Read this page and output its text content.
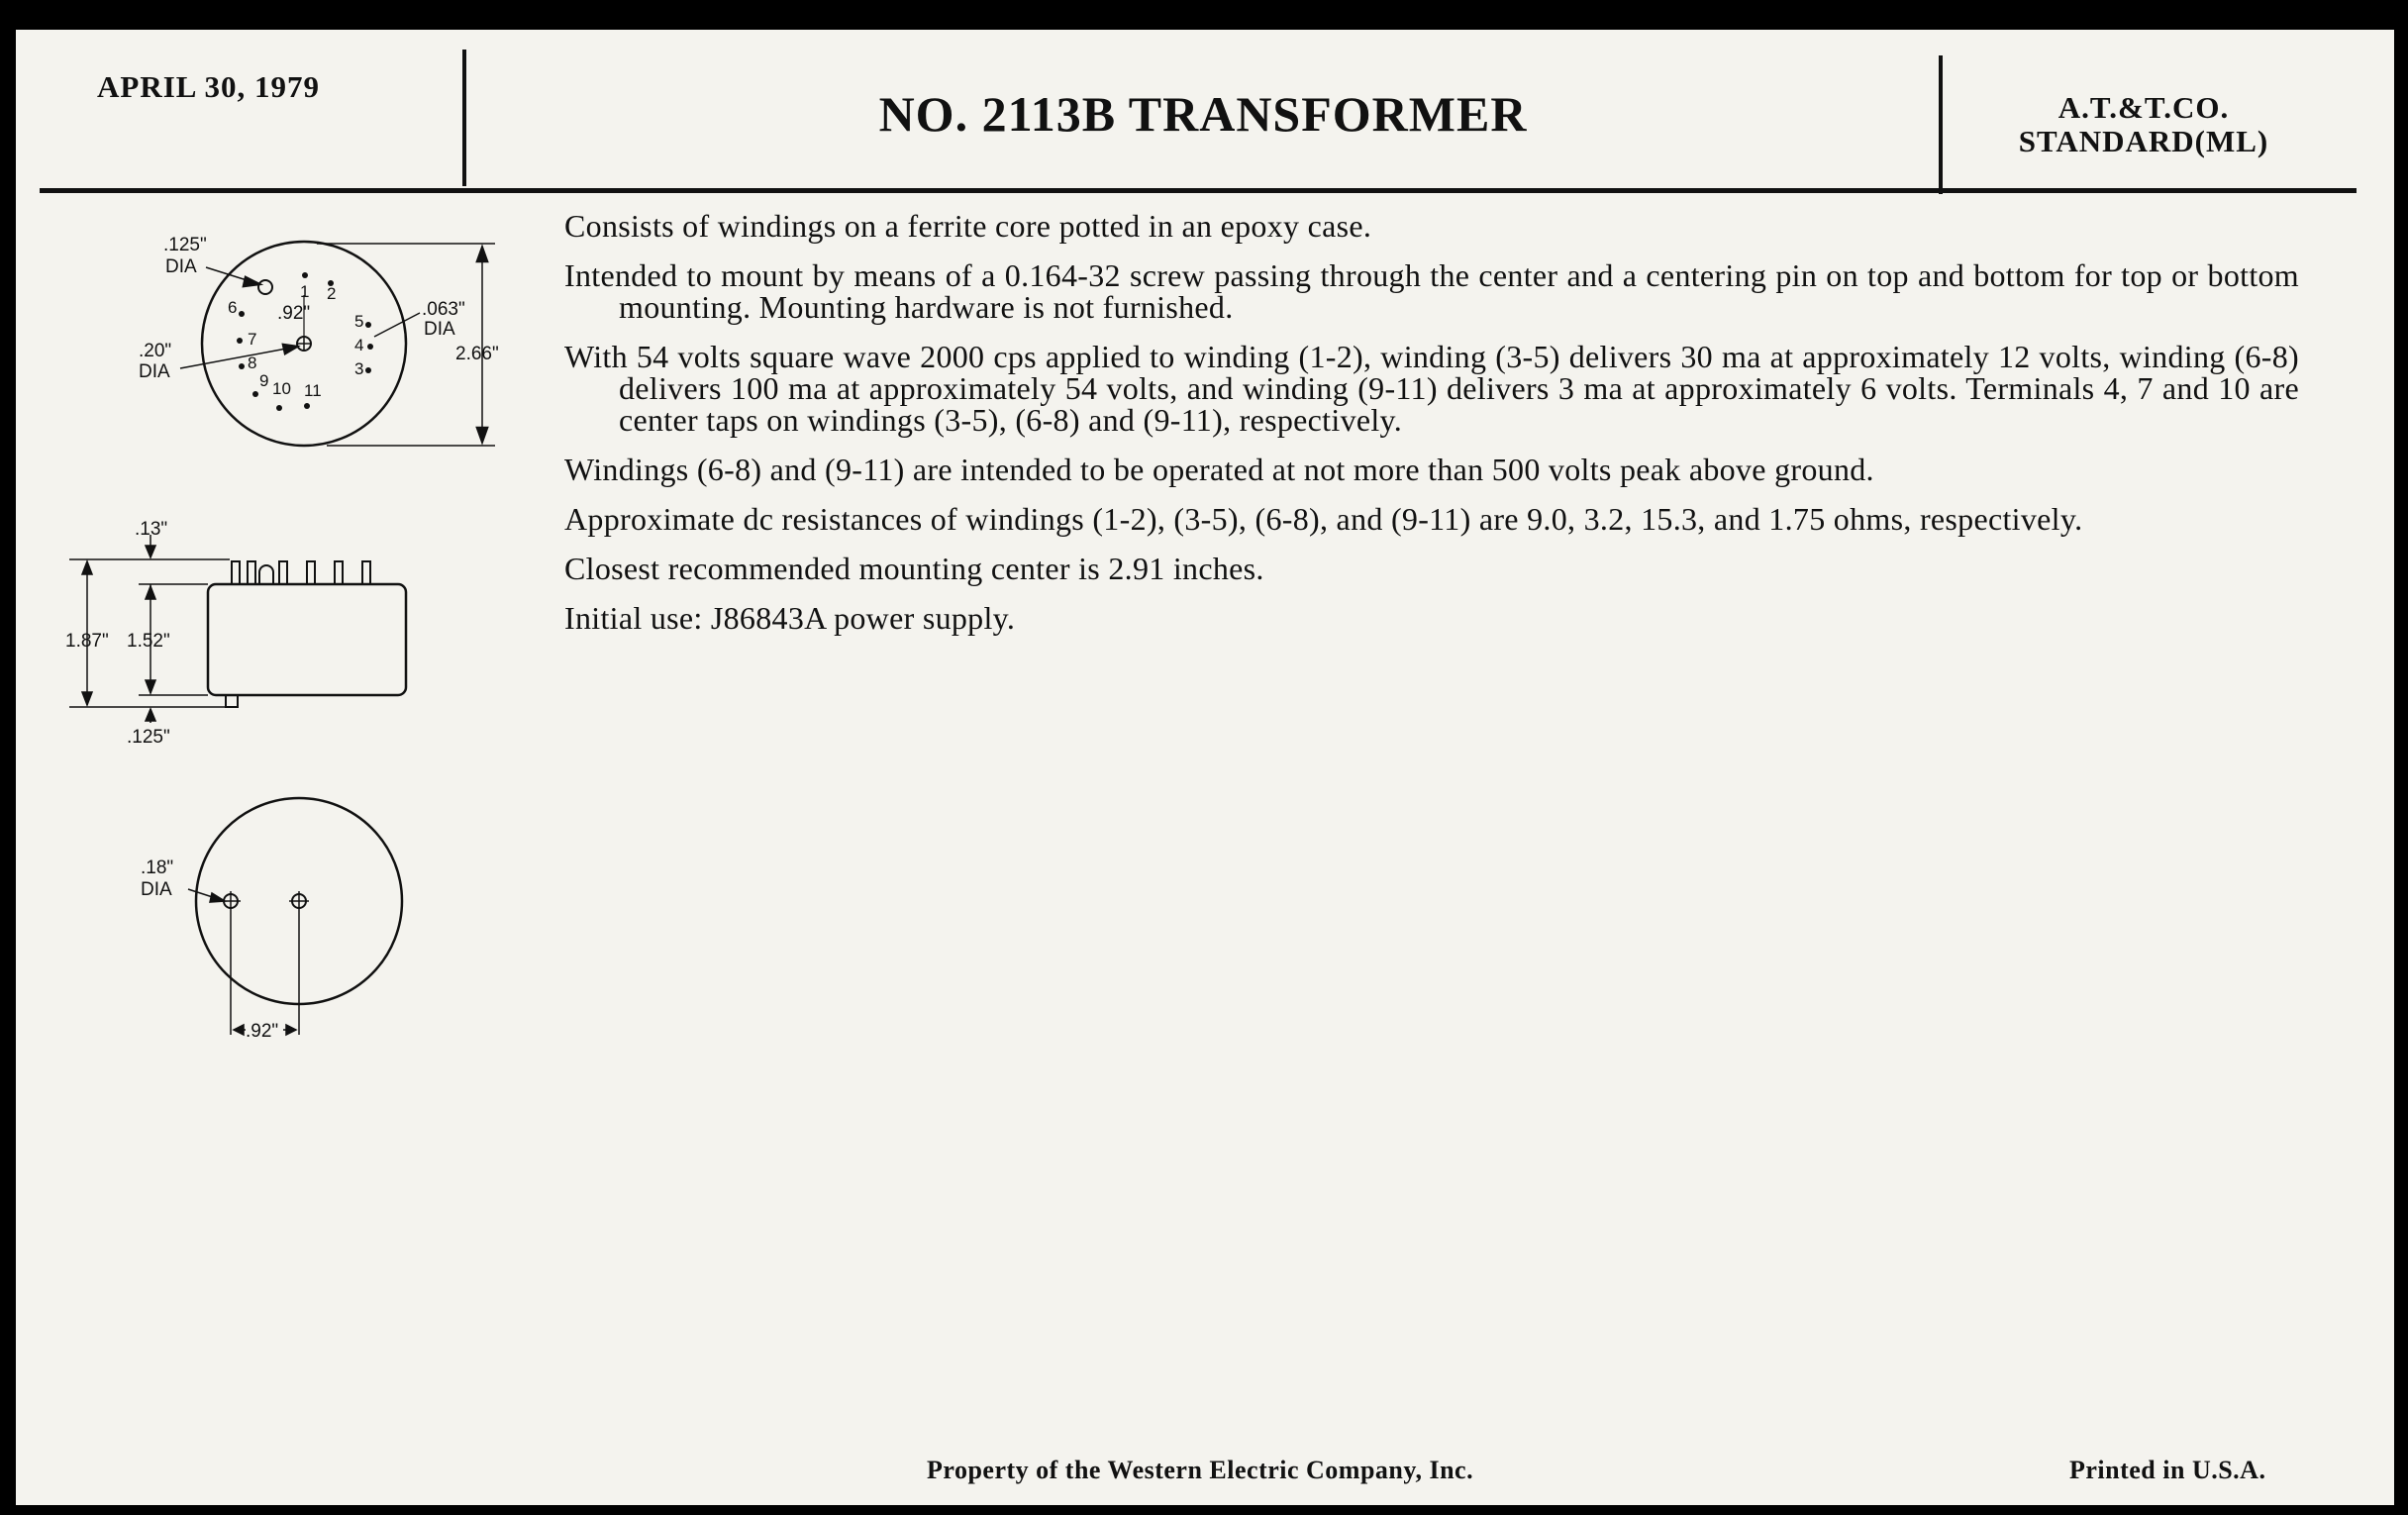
APRIL 30, 1979	NO. 2113B TRANSFORMER	A.T.&T.CO.
STANDARD(ML)

Consists of windings on a ferrite core potted in an epoxy case.

Intended to mount by means of a 0.164-32 screw passing through the center and a centering pin on top and bottom for top or bottom mounting. Mounting hardware is not furnished.

With 54 volts square wave 2000 cps applied to winding (1-2), winding (3-5) delivers 30 ma at approximately 12 volts, winding (6-8) delivers 100 ma at approximately 54 volts, and winding (9-11) delivers 3 ma at approximately 6 volts. Terminals 4, 7 and 10 are center taps on windings (3-5), (6-8) and (9-11), respectively.

Windings (6-8) and (9-11) are intended to be operated at not more than 500 volts peak above ground.

Approximate dc resistances of windings (1-2), (3-5), (6-8), and (9-11) are 9.0, 3.2, 15.3, and 1.75 ohms, respectively.

Closest recommended mounting center is 2.91 inches.

Initial use: J86843A power supply.

1 2
3
4
5
6
7
8
9 10 11
.125"
DIA
.92"
.20"
DIA
.063"
DIA
2.66"
.13"
1.87" 1.52"
.125"
.18"
DIA
.92"
Property of the Western Electric Company, Inc.	Printed in U.S.A.
